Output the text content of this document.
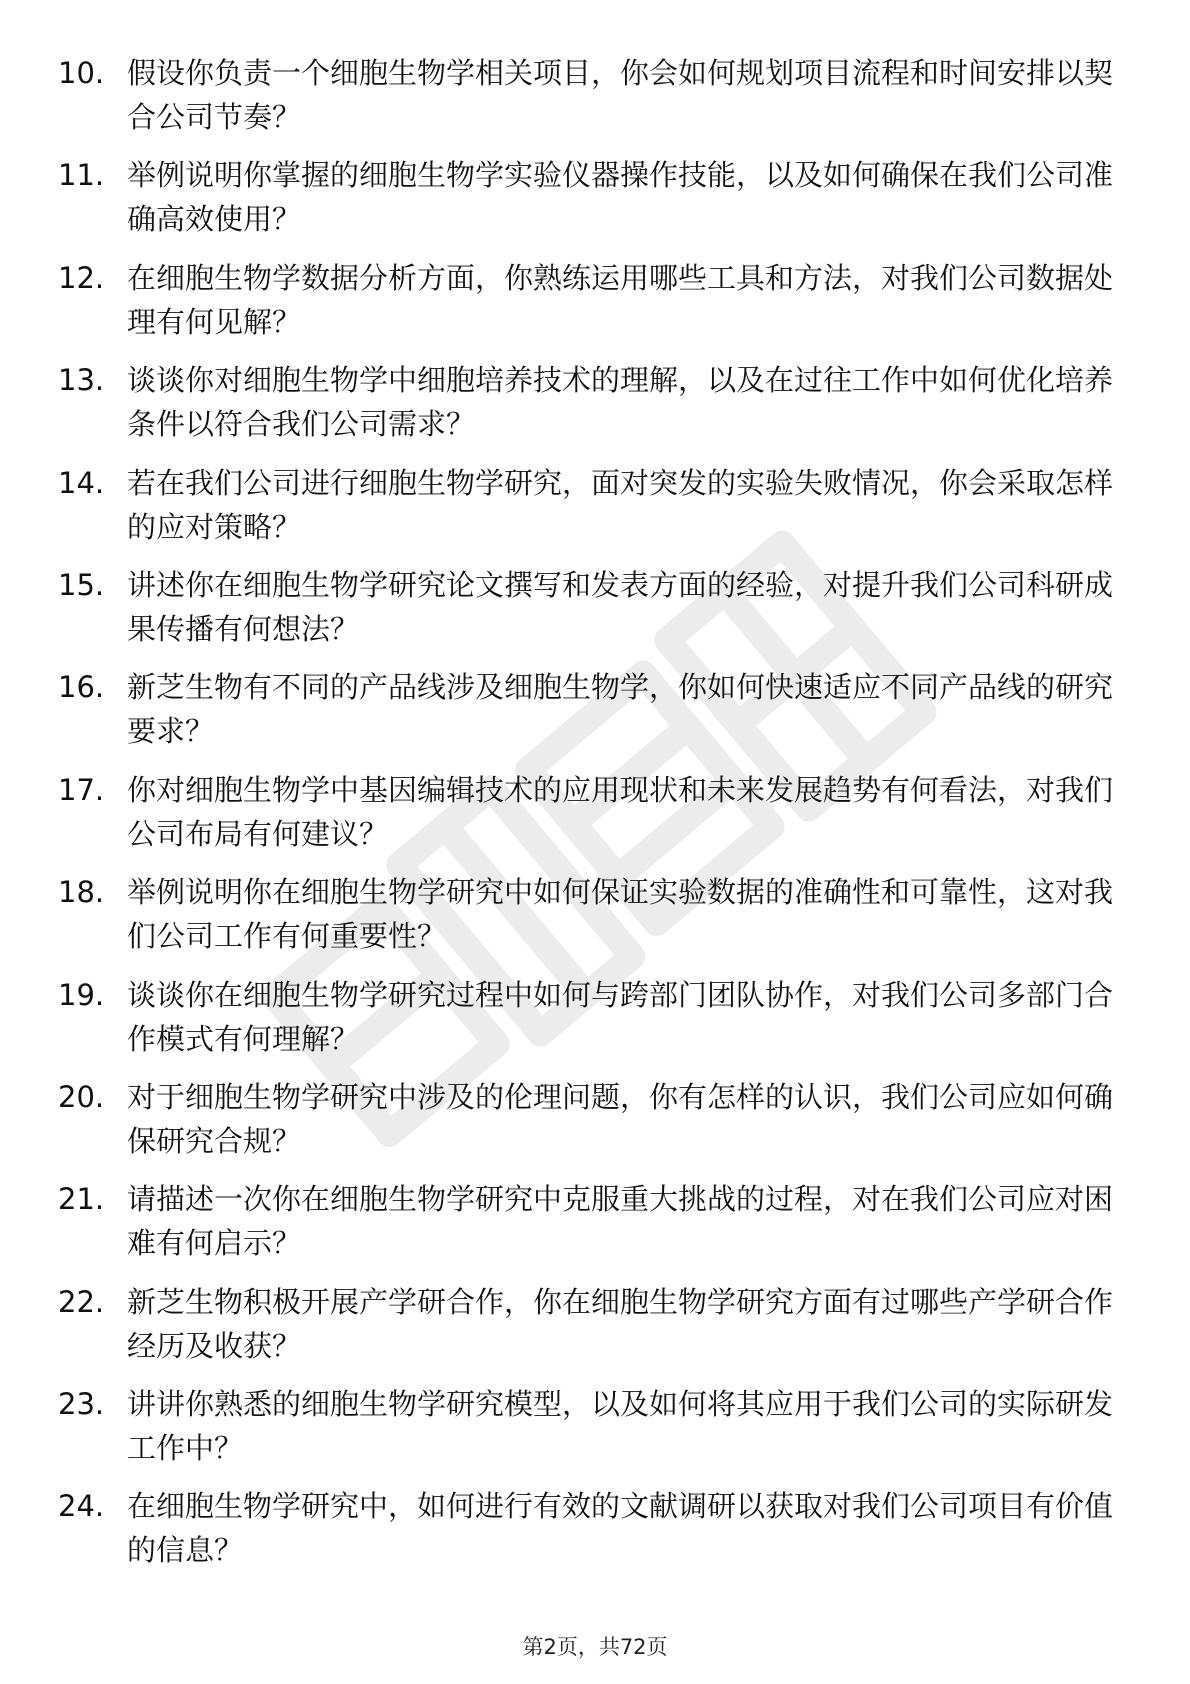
10. 假设你负责一个细胞生物学相关项目，你会如何规划项目流程和时间安排以契合公司节奏？
11. 举例说明你掌握的细胞生物学实验仪器操作技能，以及如何确保在我们公司准确高效使用？
12. 在细胞生物学数据分析方面，你熟练运用哪些工具和方法，对我们公司数据处理有何见解？
13. 谈谈你对细胞生物学中细胞培养技术的理解，以及在过往工作中如何优化培养条件以符合我们公司需求？
14. 若在我们公司进行细胞生物学研究，面对突发的实验失败情况，你会采取怎样的应对策略？
15. 讲述你在细胞生物学研究论文撰写和发表方面的经验，对提升我们公司科研成果传播有何想法？
16. 新芝生物有不同的产品线涉及细胞生物学，你如何快速适应不同产品线的研究要求？
17. 你对细胞生物学中基因编辑技术的应用现状和未来发展趋势有何看法，对我们公司布局有何建议？
18. 举例说明你在细胞生物学研究中如何保证实验数据的准确性和可靠性，这对我们公司工作有何重要性？
19. 谈谈你在细胞生物学研究过程中如何与跨部门团队协作，对我们公司多部门合作模式有何理解？
20. 对于细胞生物学研究中涉及的伦理问题，你有怎样的认识，我们公司应如何确保研究合规？
21. 请描述一次你在细胞生物学研究中克服重大挑战的过程，对在我们公司应对困难有何启示？
22. 新芝生物积极开展产学研合作，你在细胞生物学研究方面有过哪些产学研合作经历及收获？
23. 讲讲你熟悉的细胞生物学研究模型，以及如何将其应用于我们公司的实际研发工作中？
24. 在细胞生物学研究中，如何进行有效的文献调研以获取对我们公司项目有价值的信息？
第2页，共72页
